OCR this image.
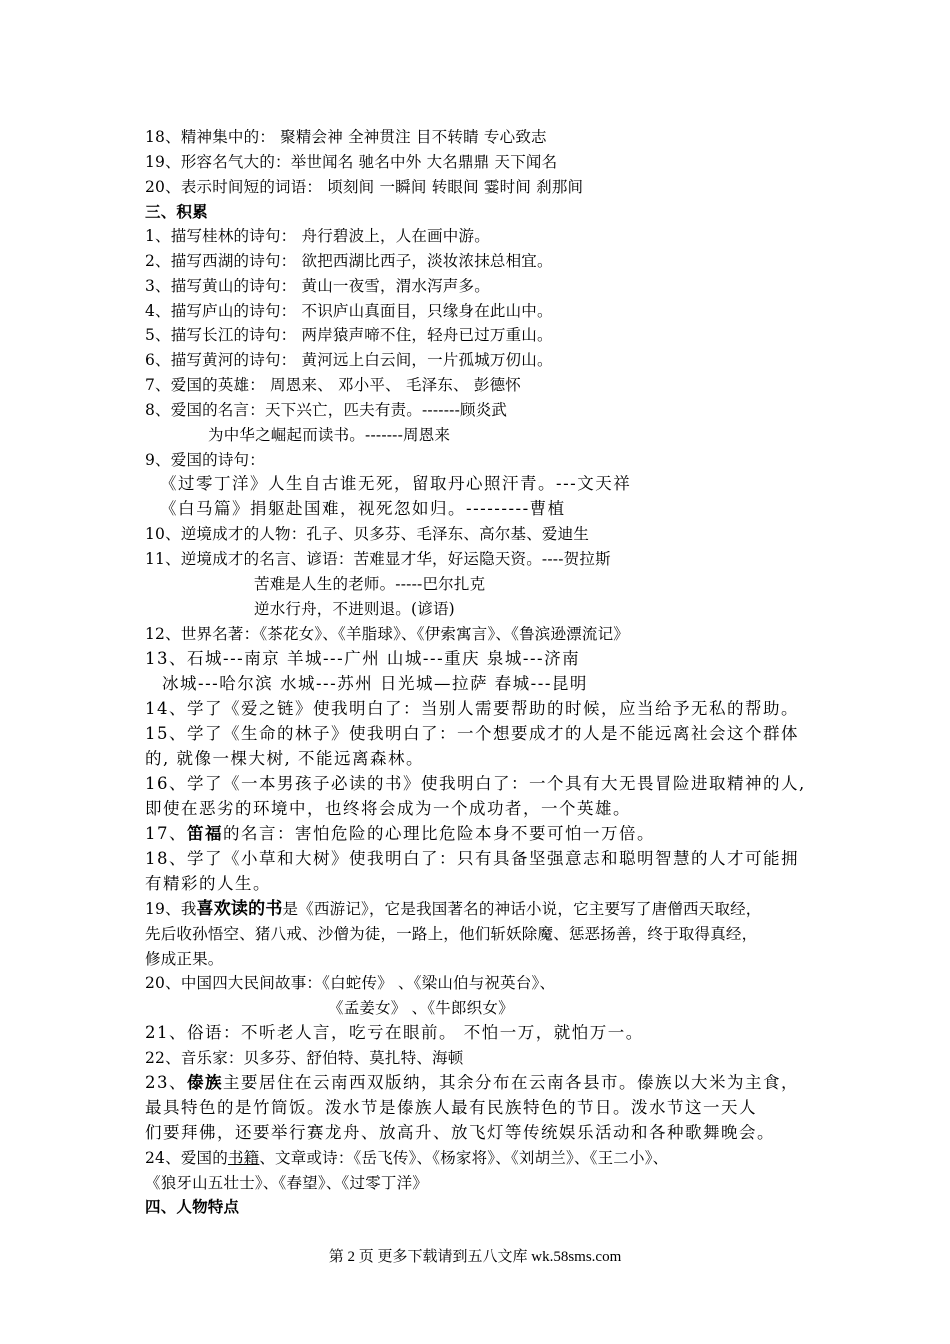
18、精神集中的： 聚精会神 全神贯注 目不转睛 专心致志
19、形容名气大的：举世闻名 驰名中外 大名鼎鼎 天下闻名
20、表示时间短的词语： 顷刻间 一瞬间 转眼间 霎时间 刹那间
三、积累
1、描写桂林的诗句： 舟行碧波上，人在画中游。
2、描写西湖的诗句： 欲把西湖比西子，淡妆浓抹总相宜。
3、描写黄山的诗句： 黄山一夜雪，渭水泻声多。
4、描写庐山的诗句： 不识庐山真面目，只缘身在此山中。
5、描写长江的诗句： 两岸猿声啼不住，轻舟已过万重山。
6、描写黄河的诗句： 黄河远上白云间，一片孤城万仞山。
7、爱国的英雄： 周恩来、 邓小平、 毛泽东、 彭德怀
8、爱国的名言：天下兴亡，匹夫有责。-------顾炎武
为中华之崛起而读书。-------周恩来
9、爱国的诗句：
《过零丁洋》人生自古谁无死，留取丹心照汗青。---文天祥
《白马篇》捐躯赴国难，视死忽如归。---------曹植
10、逆境成才的人物：孔子、贝多芬、毛泽东、高尔基、爱迪生
11、逆境成才的名言、谚语：苦难显才华，好运隐天资。----贺拉斯
苦难是人生的老师。-----巴尔扎克
逆水行舟，不进则退。(谚语)
12、世界名著：《茶花女》、《羊脂球》、《伊索寓言》、《鲁滨逊漂流记》
13、石城---南京 羊城---广州 山城---重庆 泉城---济南
冰城---哈尔滨 水城---苏州 日光城—拉萨 春城---昆明
14、学了《爱之链》使我明白了：当别人需要帮助的时候，应当给予无私的帮助。
15、学了《生命的林子》使我明白了：一个想要成才的人是不能远离社会这个群体
的, 就像一棵大树, 不能远离森林。
16、学了《一本男孩子必读的书》使我明白了：一个具有大无畏冒险进取精神的人,
即使在恶劣的环境中，也终将会成为一个成功者，一个英雄。
17、笛福的名言：害怕危险的心理比危险本身不要可怕一万倍。
18、学了《小草和大树》使我明白了：只有具备坚强意志和聪明智慧的人才可能拥
有精彩的人生。
19、我喜欢读的书是《西游记》，它是我国著名的神话小说，它主要写了唐僧西天取经，
先后收孙悟空、猪八戒、沙僧为徒，一路上，他们斩妖除魔、惩恶扬善，终于取得真经，
修成正果。
20、中国四大民间故事：《白蛇传》 、《梁山伯与祝英台》、
《孟姜女》 、《牛郎织女》
21、俗语：不听老人言，吃亏在眼前。 不怕一万，就怕万一。
22、音乐家：贝多芬、舒伯特、莫扎特、海顿
23、傣族主要居住在云南西双版纳，其余分布在云南各县市。傣族以大米为主食，
最具特色的是竹筒饭。泼水节是傣族人最有民族特色的节日。泼水节这一天人
们要拜佛，还要举行赛龙舟、放高升、放飞灯等传统娱乐活动和各种歌舞晚会。
24、爱国的书籍、文章或诗：《岳飞传》、《杨家将》、《刘胡兰》、《王二小》、
《狼牙山五壮士》、《春望》、《过零丁洋》
四、人物特点
第 2 页 更多下载请到五八文库 wk.58sms.com
